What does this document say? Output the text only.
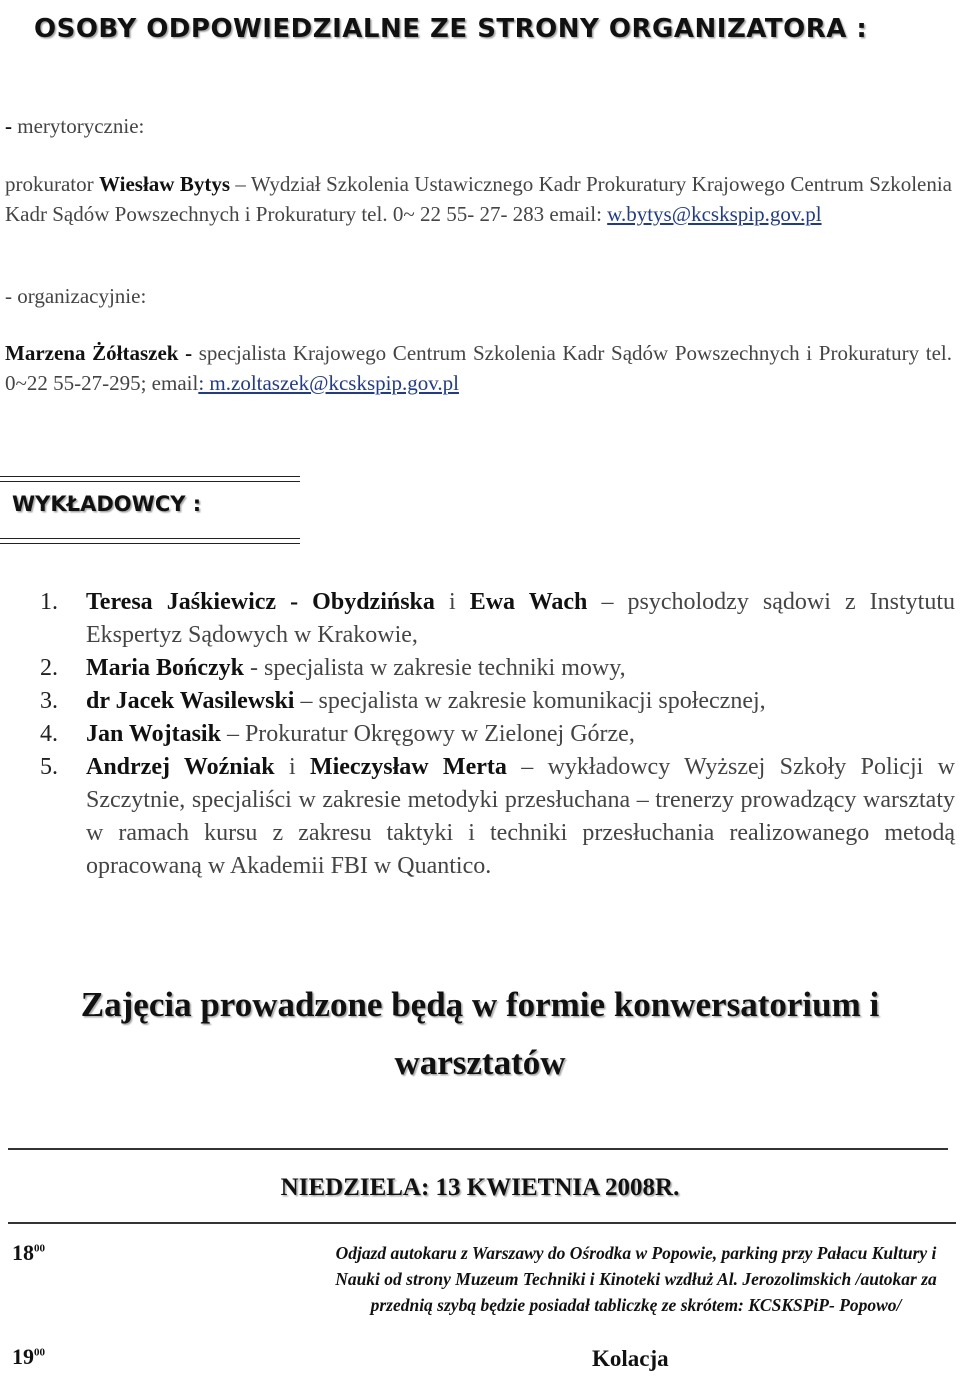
OSOBY ODPOWIEDZIALNE ZE STRONY ORGANIZATORA :
- merytorycznie:
prokurator Wiesław Bytys – Wydział Szkolenia Ustawicznego Kadr Prokuratury Krajowego Centrum Szkolenia Kadr Sądów Powszechnych i Prokuratury tel. 0~ 22 55- 27- 283 email: w.bytys@kcskspip.gov.pl
- organizacyjnie:
Marzena Żółtaszek - specjalista Krajowego Centrum Szkolenia Kadr Sądów Powszechnych i Prokuratury tel. 0~22 55-27-295; email: m.zoltaszek@kcskspip.gov.pl
WYKŁADOWCY :
1.	Teresa Jaśkiewicz - Obydzińska i Ewa Wach – psycholodzy sądowi z Instytutu Ekspertyz Sądowych w Krakowie,
2.	Maria Bończyk - specjalista w zakresie techniki mowy,
3.	dr Jacek Wasilewski – specjalista w zakresie komunikacji społecznej,
4.	Jan Wojtasik – Prokuratur Okręgowy w Zielonej Górze,
5.	Andrzej Woźniak i Mieczysław Merta – wykładowcy Wyższej Szkoły Policji w Szczytnie, specjaliści w zakresie metodyki przesłuchana – trenerzy prowadzący warsztaty w ramach kursu z zakresu taktyki i techniki przesłuchania realizowanego metodą opracowaną w Akademii FBI w Quantico.
Zajęcia prowadzone będą w formie konwersatorium i
warsztatów
NIEDZIELA: 13 KWIETNIA 2008R.
$18^{00}$	Odjazd autokaru z Warszawy do Ośrodka w Popowie, parking przy Pałacu Kultury i Nauki od strony Muzeum Techniki i Kinoteki wzdłuż Al. Jerozolimskich /autokar za przednią szybą będzie posiadał tabliczkę ze skrótem: KCSKSPiP- Popowo/
$19^{00}$	Kolacja
